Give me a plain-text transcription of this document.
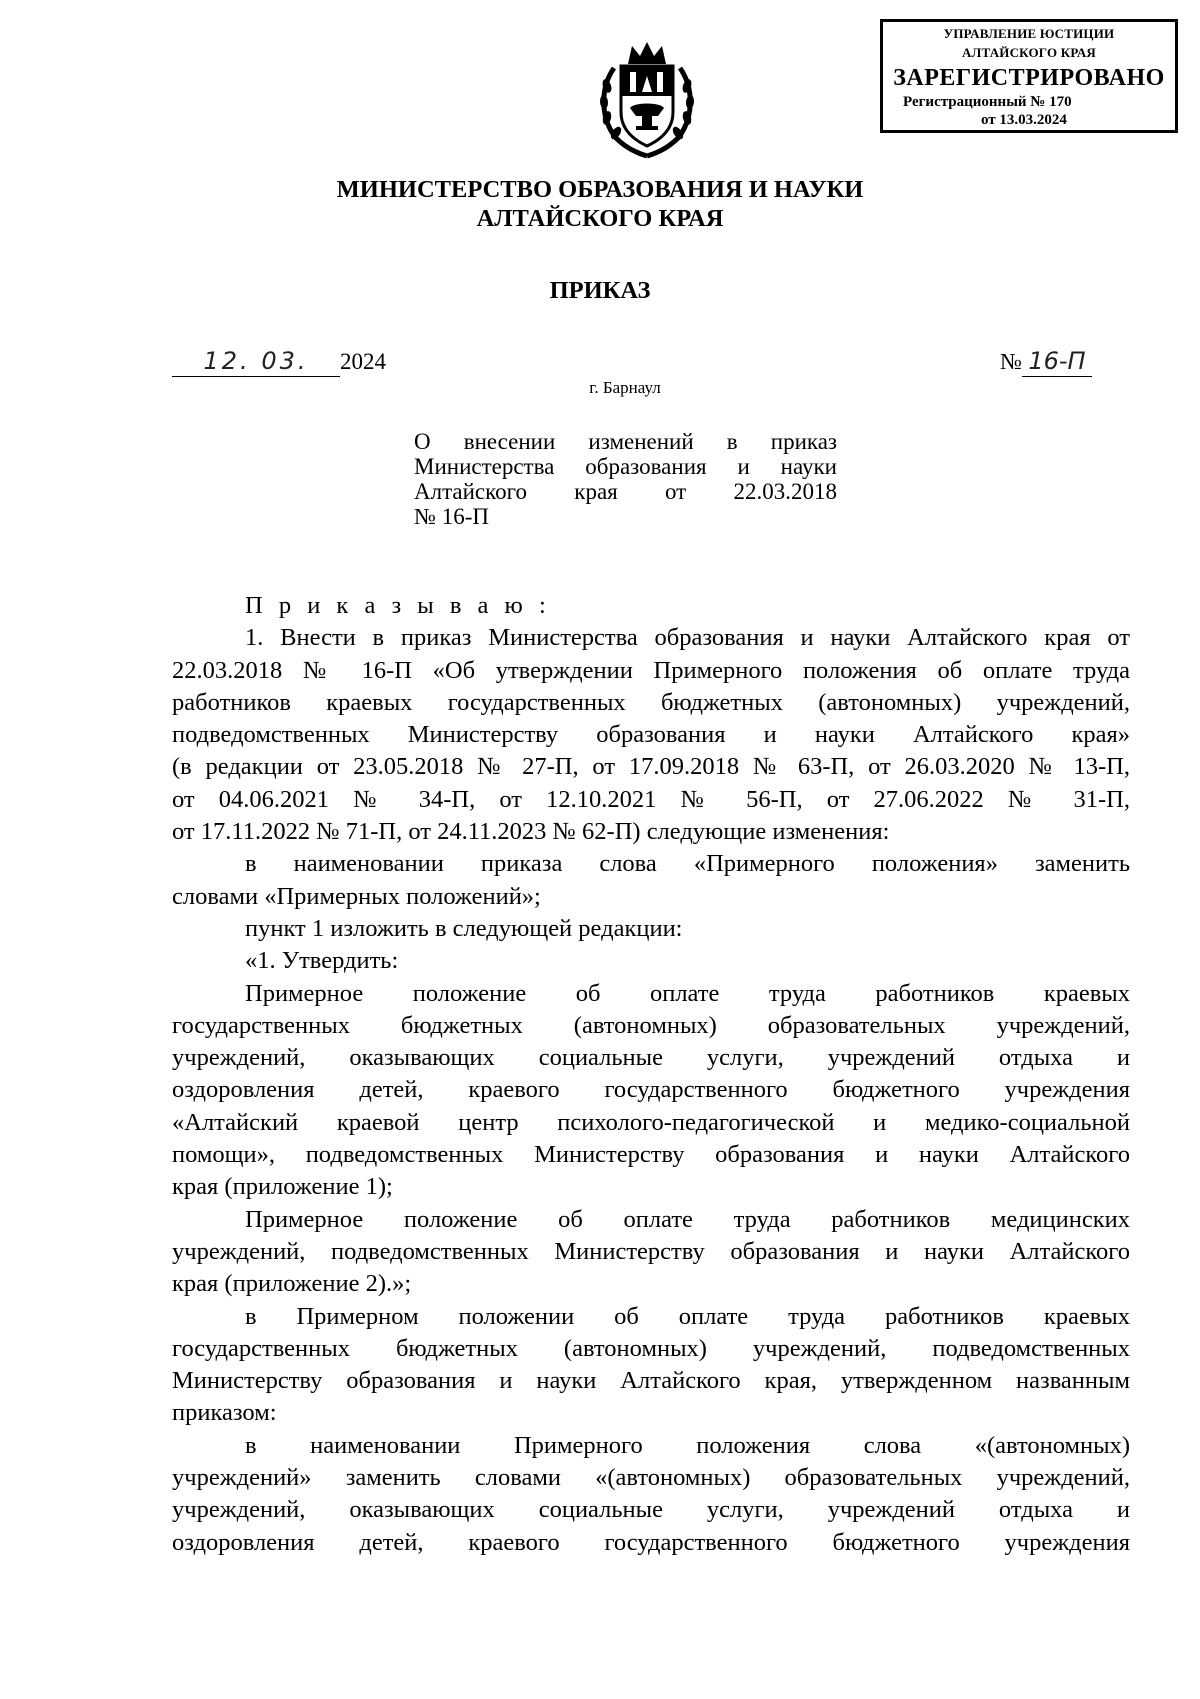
УПРАВЛЕНИЕ ЮСТИЦИИ
АЛТАЙСКОГО КРАЯ
ЗАРЕГИСТРИРОВАНО
Регистрационный № 170
от 13.03.2024
МИНИСТЕРСТВО ОБРАЗОВАНИЯ И НАУКИ
АЛТАЙСКОГО КРАЯ
ПРИКАЗ
12. 03. 2024	№ 16-П
г. Барнаул
О внесении изменений в приказ
Министерства образования и науки
Алтайского края от 22.03.2018
№ 16-П
П р и к а з ы в а ю :
1. Внести в приказ Министерства образования и науки Алтайского края от
22.03.2018 № 16-П «Об утверждении Примерного положения об оплате труда
работников краевых государственных бюджетных (автономных) учреждений,
подведомственных Министерству образования и науки Алтайского края»
(в редакции от 23.05.2018 № 27-П, от 17.09.2018 № 63-П, от 26.03.2020 № 13-П,
от 04.06.2021 № 34-П, от 12.10.2021 № 56-П, от 27.06.2022 № 31-П,
от 17.11.2022 № 71-П, от 24.11.2023 № 62-П) следующие изменения:
в наименовании приказа слова «Примерного положения» заменить
словами «Примерных положений»;
пункт 1 изложить в следующей редакции:
«1. Утвердить:
Примерное положение об оплате труда работников краевых
государственных бюджетных (автономных) образовательных учреждений,
учреждений, оказывающих социальные услуги, учреждений отдыха и
оздоровления детей, краевого государственного бюджетного учреждения
«Алтайский краевой центр психолого-педагогической и медико-социальной
помощи», подведомственных Министерству образования и науки Алтайского
края (приложение 1);
Примерное положение об оплате труда работников медицинских
учреждений, подведомственных Министерству образования и науки Алтайского
края (приложение 2).»;
в Примерном положении об оплате труда работников краевых
государственных бюджетных (автономных) учреждений, подведомственных
Министерству образования и науки Алтайского края, утвержденном названным
приказом:
в наименовании Примерного положения слова «(автономных)
учреждений» заменить словами «(автономных) образовательных учреждений,
учреждений, оказывающих социальные услуги, учреждений отдыха и
оздоровления детей, краевого государственного бюджетного учреждения
